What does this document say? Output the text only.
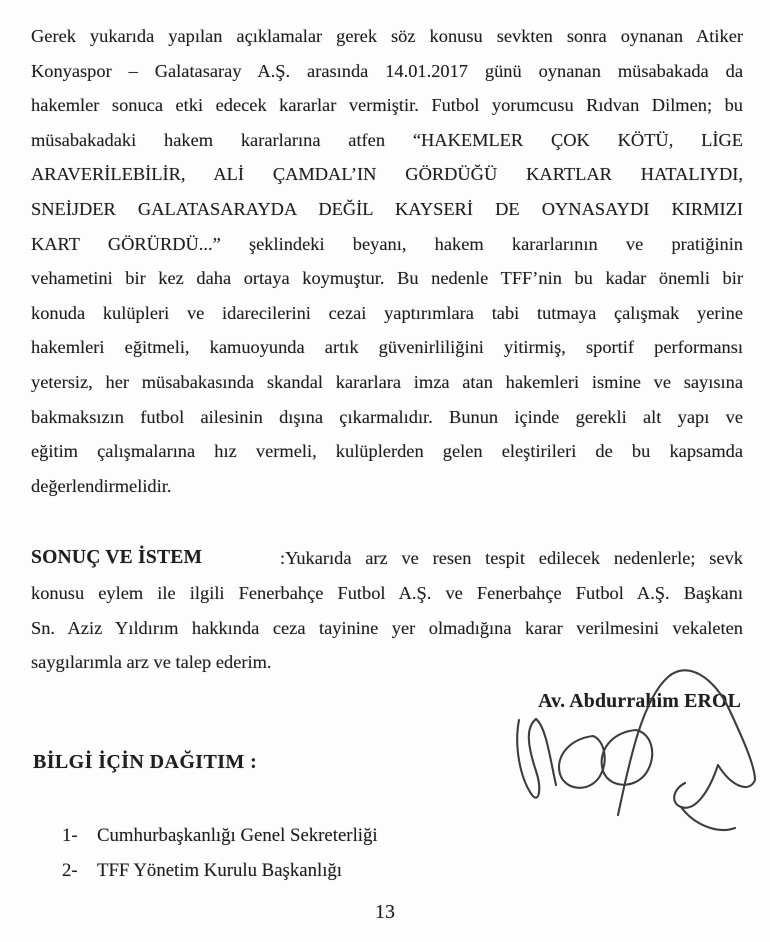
Gerek yukarıda yapılan açıklamalar gerek söz konusu sevkten sonra oynanan Atiker
Konyaspor – Galatasaray A.Ş. arasında 14.01.2017 günü oynanan müsabakada da
hakemler sonuca etki edecek kararlar vermiştir. Futbol yorumcusu Rıdvan Dilmen; bu
müsabakadaki hakem kararlarına atfen “HAKEMLER ÇOK KÖTÜ, LİGE
ARAVERİLEBİLİR, ALİ ÇAMDAL’IN GÖRDÜĞÜ KARTLAR HATALIYDI,
SNEİJDER GALATASARAYDA DEĞİL KAYSERİ DE OYNASAYDI KIRMIZI
KART GÖRÜRDÜ...” şeklindeki beyanı, hakem kararlarının ve pratiğinin
vehametini bir kez daha ortaya koymuştur. Bu nedenle TFF’nin bu kadar önemli bir
konuda kulüpleri ve idarecilerini cezai yaptırımlara tabi tutmaya çalışmak yerine
hakemleri eğitmeli, kamuoyunda artık güvenirliliğini yitirmiş, sportif performansı
yetersiz, her müsabakasında skandal kararlara imza atan hakemleri ismine ve sayısına
bakmaksızın futbol ailesinin dışına çıkarmalıdır. Bunun içinde gerekli alt yapı ve
eğitim çalışmalarına hız vermeli, kulüplerden gelen eleştirileri de bu kapsamda
değerlendirmelidir.
SONUÇ VE İSTEM	:Yukarıda arz ve resen tespit edilecek nedenlerle; sevk
konusu eylem ile ilgili Fenerbahçe Futbol A.Ş. ve Fenerbahçe Futbol A.Ş. Başkanı
Sn. Aziz Yıldırım hakkında ceza tayinine yer olmadığına karar verilmesini vekaleten
saygılarımla arz ve talep ederim.
Av. Abdurrahim EROL
BİLGİ İÇİN DAĞITIM :
1-	Cumhurbaşkanlığı Genel Sekreterliği
2-	TFF Yönetim Kurulu Başkanlığı
13
